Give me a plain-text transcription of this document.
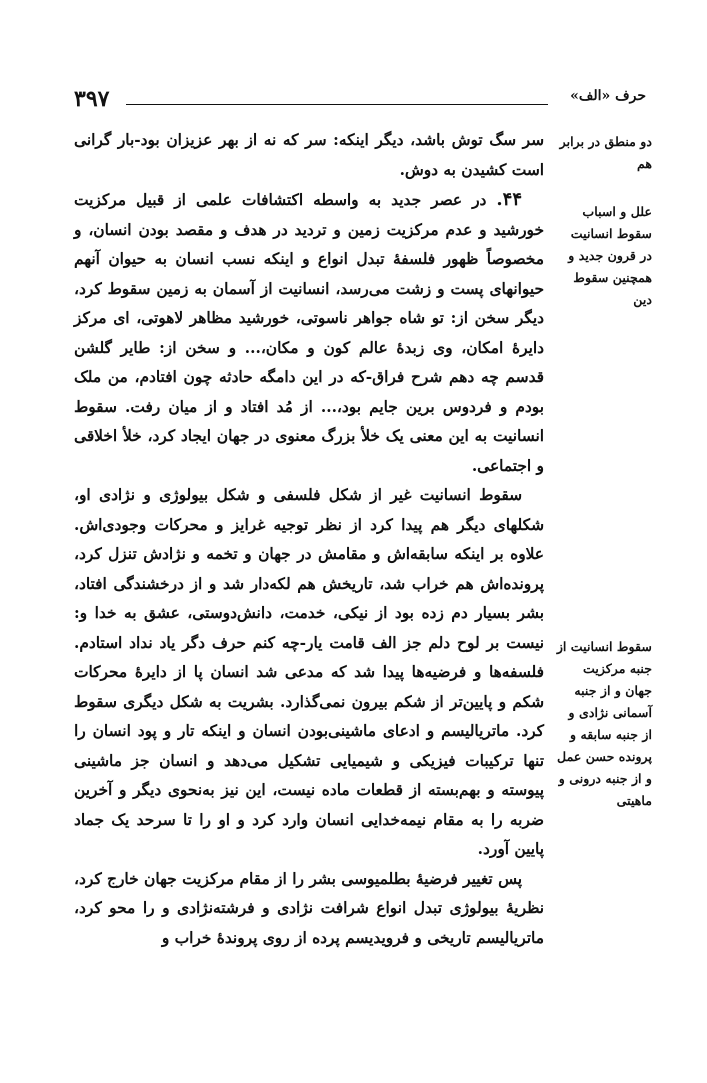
۳۹۷	حرف «الف»

سر سگ توش باشد، دیگر اینکه: سر که نه از بهر عزیزان بود-بار گرانی است کشیدن به دوش.

۴۴. در عصر جدید به واسطه اکتشافات علمی از قبیل مرکزیت خورشید و عدم مرکزیت زمین و تردید در هدف و مقصد بودن انسان، و مخصوصاً ظهور فلسفهٔ تبدل انواع و اینکه نسب انسان به حیوان آنهم حیوانهای پست و زشت می‌رسد، انسانیت از آسمان به زمین سقوط کرد، دیگر سخن از: تو شاه جواهر ناسوتی، خورشید مظاهر لاهوتی، ای مرکز دایرهٔ امکان، وی زبدهٔ عالم کون و مکان،... و سخن از: طایر گلشن قدسم چه دهم شرح فراق-که در این دامگه حادثه چون افتادم، من ملک بودم و فردوس برین جایم بود،... از مُد افتاد و از میان رفت. سقوط انسانیت به این معنی یک خلأ بزرگ معنوی در جهان ایجاد کرد، خلأ اخلاقی و اجتماعی.

سقوط انسانیت غیر از شکل فلسفی و شکل بیولوژی و نژادی او، شکلهای دیگر هم پیدا کرد از نظر توجیه غرایز و محرکات وجودی‌اش. علاوه بر اینکه سابقه‌اش و مقامش در جهان و تخمه و نژادش تنزل کرد، پرونده‌اش هم خراب شد، تاریخش هم لکه‌دار شد و از درخشندگی افتاد، بشر بسیار دم زده بود از نیکی، خدمت، دانش‌دوستی، عشق به خدا و: نیست بر لوح دلم جز الف قامت یار-چه کنم حرف دگر یاد نداد استادم. فلسفه‌ها و فرضیه‌ها پیدا شد که مدعی شد انسان پا از دایرهٔ محرکات شکم و پایین‌تر از شکم بیرون نمی‌گذارد. بشریت به شکل دیگری سقوط کرد. ماتریالیسم و ادعای ماشینی‌بودن انسان و اینکه تار و پود انسان را تنها ترکیبات فیزیکی و شیمیایی تشکیل می‌دهد و انسان جز ماشینی پیوسته و بهم‌بسته از قطعات ماده نیست، این نیز به‌نحوی دیگر و آخرین ضربه را به مقام نیمه‌خدایی انسان وارد کرد و او را تا سرحد یک جماد پایین آورد.

پس تغییر فرضیهٔ بطلمیوسی بشر را از مقام مرکزیت جهان خارج کرد، نظریهٔ بیولوژی تبدل انواع شرافت نژادی و فرشته‌نژادی و را محو کرد، ماتریالیسم تاریخی و فرویدیسم پرده از روی پروندهٔ خراب و

دو منطق در برابر هم
علل و اسباب سقوط انسانیت در قرون جدید و همچنین سقوط دین
سقوط انسانیت از جنبه مرکزیت جهان و از جنبه آسمانی نژادی و از جنبه سابقه و پرونده حسن عمل و از جنبه درونی و ماهیتی
